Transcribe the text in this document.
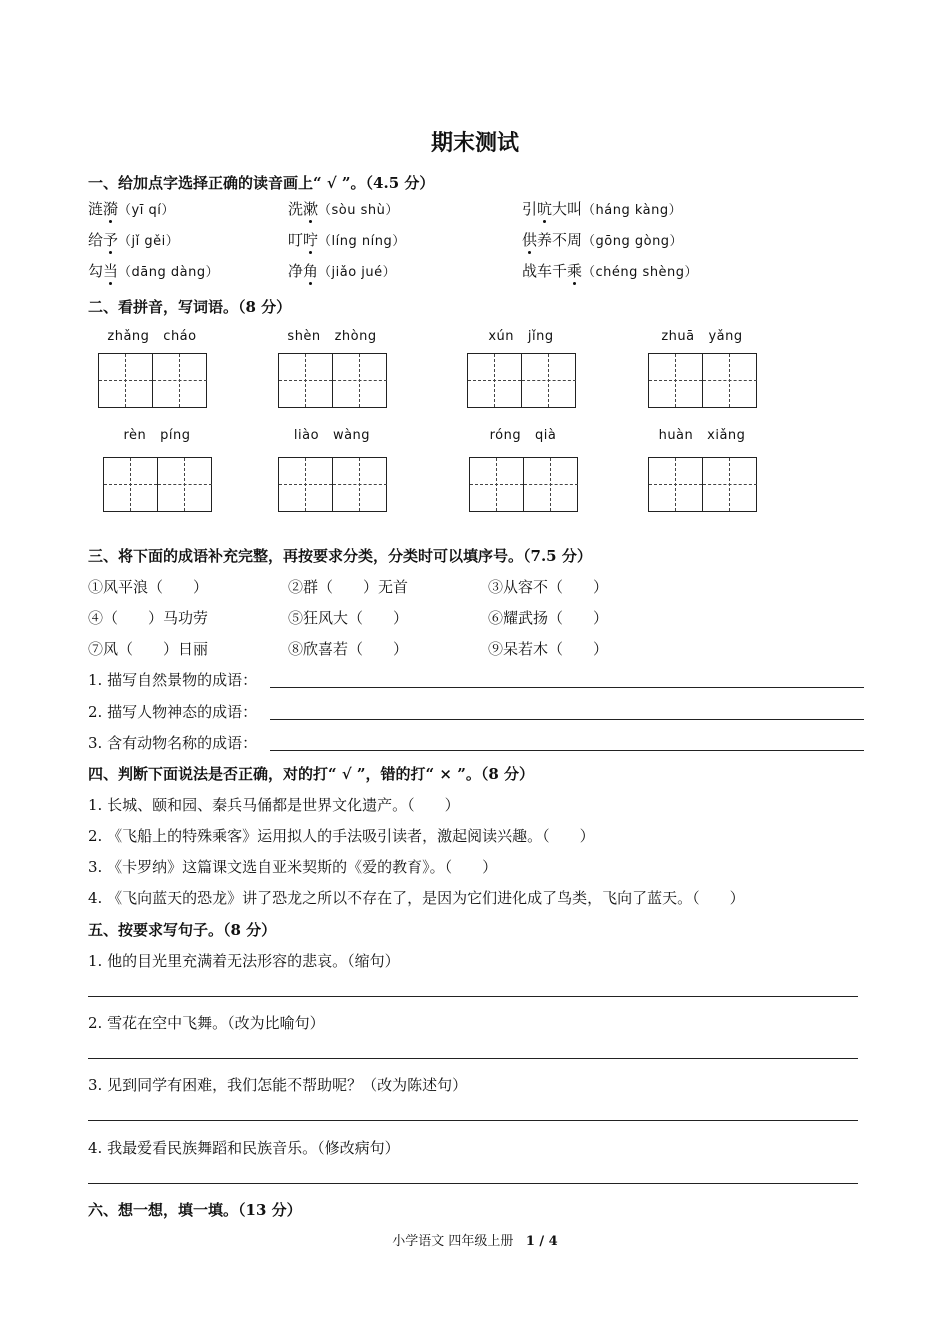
期末测试
一、给加点字选择正确的读音画上“ √ ”。（4.5 分）
涟漪（yī qí）	洗漱（sòu shù）	引吭大叫（háng kàng）
给予（jǐ gěi）	叮咛（líng níng）	供养不周（gōng gòng）
勾当（dāng dàng）	净角（jiǎo jué）	战车千乘（chéng shèng）
二、看拼音，写词语。（8 分）
zhǎng   cháo	shèn   zhòng	xún   jǐng	zhuā   yǎng
rèn   píng	liào   wàng	róng   qià	huàn   xiǎng
三、将下面的成语补充完整，再按要求分类，分类时可以填序号。（7.5 分）
①风平浪（　　）	②群（　　）无首	③从容不（　　）
④（　　）马功劳	⑤狂风大（　　）	⑥耀武扬（　　）
⑦风（　　）日丽	⑧欣喜若（　　）	⑨呆若木（　　）
1. 描写自然景物的成语：
2. 描写人物神态的成语：
3. 含有动物名称的成语：
四、判断下面说法是否正确，对的打“ √ ”，错的打“ × ”。（8 分）
1. 长城、颐和园、秦兵马俑都是世界文化遗产。（　　）
2. 《飞船上的特殊乘客》运用拟人的手法吸引读者，激起阅读兴趣。（　　）
3. 《卡罗纳》这篇课文选自亚米契斯的《爱的教育》。（　　）
4. 《飞向蓝天的恐龙》讲了恐龙之所以不存在了，是因为它们进化成了鸟类，飞向了蓝天。（　　）
五、按要求写句子。（8 分）
1. 他的目光里充满着无法形容的悲哀。（缩句）
2. 雪花在空中飞舞。（改为比喻句）
3. 见到同学有困难，我们怎能不帮助呢？（改为陈述句）
4. 我最爱看民族舞蹈和民族音乐。（修改病句）
六、想一想，填一填。（13 分）
小学语文 四年级上册 1 / 4
